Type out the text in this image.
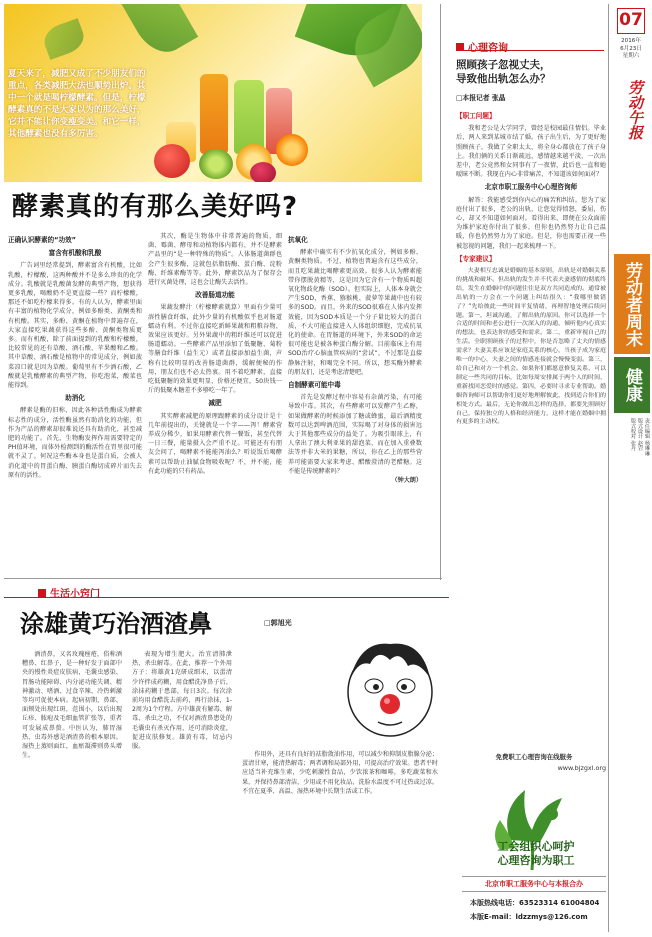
夏天来了，减肥又成了不少朋友们的重点，各类减肥大法也顺势出炉。其中一个就是喝柠檬酵素。但是，柠檬酵素真的不是大家以为的那么美好，它并不能让你变瘦变美。和它一样，其他酵素也没有多厉害。
酵素真的有那么美好吗?
正确认识酵素的“功效”
富含有机酸和乳酸
广告词里经常提到，酵素富含有机酸，比如乳酸，柠檬酸，这两种酸并不是多么珍贵的化学成分。乳酸就是乳酸菌发酵的典型产物，想获得更多乳酸，喝酸奶不是更直接一些？而柠檬酸，那还不如吃柠檬来得多。有的人认为，酵素里面有丰富的植物化学成分，例如多酚类、黄酮类和有机酸。其实，多酚、黄酮在植物中普遍存在，大家直接吃果蔬获得这些多酚、黄酮类物质更多。而有机酸，除了前面提到的乳酸和柠檬酸，比较常见的还有草酸、酒石酸、苹果酸和乙酸。其中草酸、酒石酸是植物中的常见成分，例如菠菜凉口就是因为草酸。葡萄里有不少酒石酸，乙酸就是乳酸酵素的典型产物，你吃泡菜，酸菜也能得到。
助消化
酵素是酶的旧称，因此各种活性酶成为酵素标志性的成分，活性酶虽然有助消化的功能，但作为产品的酵素却很难说还具有助消化，甚至减肥的功能了。首先，生物酶发挥作用需要特定的PH值环境，而体外检测到的酶活性在胃里很可能就不灵了。何况这些酶本身也是蛋白质，会被人消化道中的胃蛋白酶、胰蛋白酶切成碎片而失去原有的活性。
其次，酶是生物体中非常普遍的物质，细菌、霉菌、酵母和动植物体内都有，并不是酵素产品里的“是一种特殊的物质”。人体肠道菌群也会产生很多酶，这就包括脂肪酶、蛋白酶、淀粉酶、纤维素酶等等。此外，酵素饮品为了保存会进行灭菌处理，这也会让酶失去活性。
改善肠道功能
果蔬发酵汁（柠檬酵素就算）里面有少量可溶性膳食纤维，此外少量的有机酸似乎也对肠道蠕动有利。不过你直接吃新鲜果蔬和粗粮谷物，效果应该更好。另外果蔬中的粗纤维还可以促进肠道蠕动。一些酵素产品里添加了低聚糖、菊粉等膳食纤维（益生元）或者直接添加益生菌，声称有比较明显的改善肠道菌群，缓解便秘的作用，朋友们也不必太热衷。用不着吃酵素，直接吃低聚糖的效果更明显，价格还便宜，50块钱一斤的低聚木糖差不多够吃一年了。
减肥
其实酵素减肥的原理跟酵素的成分设计是十几年前提出的，关键就是一个字——泻！酵素营养成分稀少，如果用酵素代替一餐饭，甚至代替一日三餐，能量摄入会严重不足。可能还有有朋友会问了，喝酵素不能能泻油么？听说饭后喝酵素可以帮助止油腻食物吸收呢？不，并不能，能有此功能的只有药品。
抗氧化
酵素中确实有不少抗氧化成分，例如多酚、黄酮类物质。不过，植物也普遍含有这些成分，而且吃果蔬比喝酵素更高效。很多人认为酵素能带你摆脱黄精等，这是因为它含有一个物质叫超氧化物歧化酶（SOD）。但实际上，人体本身就会产生SOD，香蕉、猕猴桃、菠萝等果蔬中也有较多的SOD。而且，外来的SOD很难在人体内发挥效能，因为SOD本质是一个分子量比较大的蛋白质，不大可能直接进入人体组织细胞，完成抗氧化的使命。在胃肠道的环境下，外来SOD的命运很可能也是被各种蛋白酶分解。目前临床上有用SOD治疗心脑血管疾病的“尝试”，不过那是直接静脉注射，和喝完全不同。所以，想买酶外酵素的朋友们，还是考虑清楚吧。
自制酵素可能中毒
首先是发酵过程中容易有杂菌污染，有可能导致中毒。其次，有些酵素可以发酵产生乙醇，如果做酵素的时候添加了糖或蜂蜜，最后酒精度数可以达到啤酒范围，实际喝了对身体的损害远大于其他那些成分的益处了。为吸引眼球上，有人拿出了澳大利亚果的甜泡菜，而在加入重叠数法等并非大米的果糖，所以，你在乙上的那些营养可能需要大家来考虑、醋酸澄清的老醋糖。这不能是传统酵素吗？
（钟大朗）
心理咨询
照顾孩子忽视丈夫，
导致他出轨怎么办？
□本报记者 张晶
【职工问题】
我和老公是大学同学，曾经是校园最佳情侣。毕业后，两人来到某城市结了婚。孩子出生后，为了更好地照顾孩子，我做了全职太太，将全身心都放在了孩子身上。我们俩的关系日渐疏远，感情越来越平淡，一次出差中，老公竟然和女同事有了一夜情，此后也一直和她暧昧不断。我现在内心非常痛苦，不知道该如何面对？
北京市职工服务中心心理咨询师
解答：我能感受到你内心的痛苦和纠结。您为了家庭付出了很多，老公的出轨，让您觉得愤怒，委屈，伤心，却又不知道如何面对。看得出来，即便在公众面前为维护家庭你付出了很多，但你也仍然努力让自己温暖，你也仍然努力为了家庭。但是，你也需要正视一些被忽视的问题，我们一起来梳理一下。
【专家建议】
夫妻相互忠诚是婚姻的基本原则，出轨是对婚姻关系的挑战和破坏。但出轨的发生并不代表夫妻感情的彻底终结，发生在婚姻中的问题往往是双方共同造成的。通常被出轨的一方会在一个问题上纠结很久：“我哪里做错了？”先给彼此一些时间平复情绪，再理智地处理后续问题。第一，坦诚沟通，了解出轨的原因。你可以选择一个合适的时间和老公进行一次深入的沟通，倾听他内心真实的想法，也表达你的感受和需求。第二，重新审视自己的生活。全职照顾孩子的过程中，你是否忽略了丈夫的情感需求？夫妻关系应该是家庭关系的核心，当孩子成为家庭唯一的中心，夫妻之间的情感连接就会慢慢变弱。第三，给自己和对方一个机会。如果你们都愿意修复关系，可以制定一些共同的目标，比如每周安排属于两个人的时间，重新找回恋爱时的感觉。第四，必要时寻求专业帮助。婚姻咨询师可以帮助你们更好地理解彼此，找到适合你们的相处方式。最后，无论你做出怎样的选择，都要先照顾好自己，保持独立的人格和经济能力，这样才能在婚姻中拥有更多的主动权。
07
2016年
6月23日
星期六
劳动午报
劳动者周末
健康
责任编辑 杨琳琳
版式设计 赵岩
版式校对 张丹
生活小窍门
涂雄黄巧治酒渣鼻	□郭旭光
酒渣鼻，又名玫瑰痤疮，俗称酒糟鼻、红鼻子，是一种好发于面部中央的慢性炎症皮肤病，毛囊虫感染、胃肠功能障碍、内分泌功能失调、精神激动、嗜酒、过食辛辣、冷热刺激等均可促使本病。起病初期，鼻部、面颊处出现红斑，范围小，以后出现丘疹、脓疱及毛细血管扩张等，重者可发展成鼻赘。中医认为，肺胃湿热、虫毒外感是酒渣鼻的根本原因。湿热上蒸则面红，血瘀凝滞则鼻头增生。
表现为增生肥大。治宜清肺泄热，杀虫解毒。在此，推荐一个外用方子：将雄黄1克研成细末，以蛋清少许拌成药糊，用食醋洗净鼻子后，涂抹药糊于患部，每日3次。每次涂前均用食醋洗去前药，再行涂抹，1-2周为1个疗程。方中雄黄有解毒、解毒、杀虫之功，不仅对酒渣鼻患处的毛囊虫有杀灭作用，还可消除炎症，促进皮肤修复。雄黄有毒，切忌内服。
作用外，还具有良好的祛脂敛油作用，可以减少和抑制皮脂腺分泌；蛋清甘寒，能清热解毒；两者调和局部外用，可提高治疗效果。患者平时应适当补充维生素，少吃刺激性食品，少饮浓茶和咖啡，多吃蔬菜和水果，并保持鼻部清洁，少用或不用化妆品，洗脸水温度不可过热或过凉。不宜在夏季、高温、湿热环境中长期生活或工作。
免费职工心理咨询在线服务
www.bjzgxl.org
工会组织心呵护
心理咨询为职工
北京市职工服务中心与本报合办
本版热线电话：63523314 61004804
本版E-mail：ldzzmys@126.com
